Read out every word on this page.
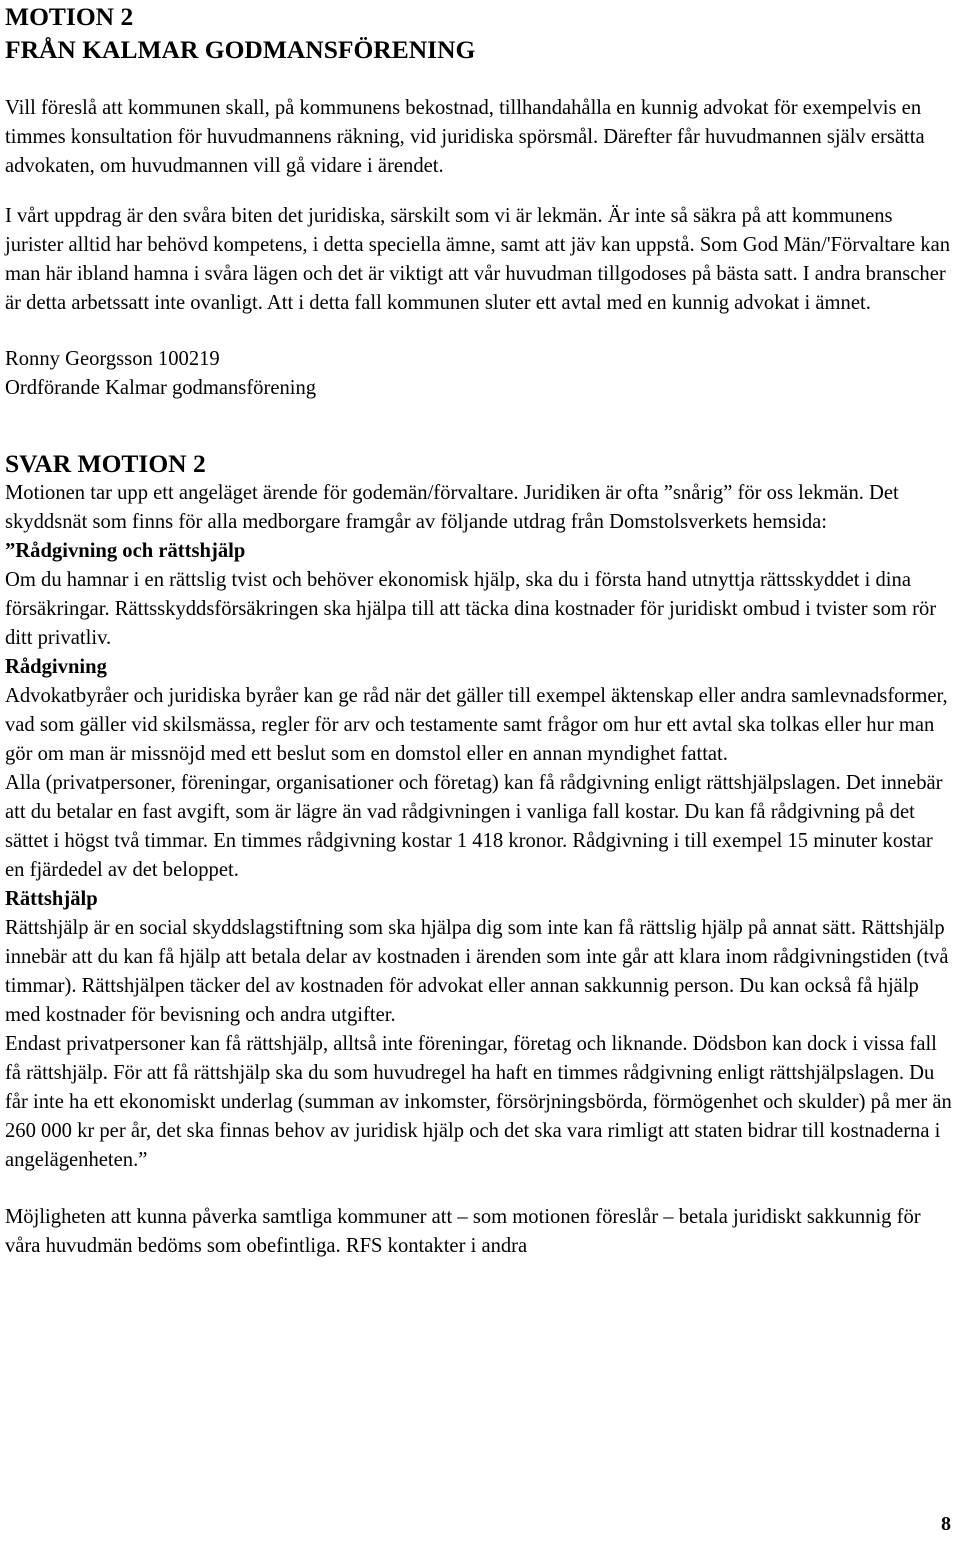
MOTION 2

FRÅN KALMAR GODMANSFÖRENING

Vill föreslå att kommunen skall, på kommunens bekostnad, tillhandahålla en kunnig advokat för exempelvis en timmes konsultation för huvudmannens räkning, vid juridiska spörsmål. Därefter får huvudmannen själv ersätta advokaten, om huvudmannen vill gå vidare i ärendet.

I vårt uppdrag är den svåra biten det juridiska, särskilt som vi är lekmän. Är inte så säkra på att kommunens jurister alltid har behövd kompetens, i detta speciella ämne, samt att jäv kan uppstå. Som God Män/'Förvaltare kan man här ibland hamna i svåra lägen och det är viktigt att vår huvudman tillgodoses på bästa satt. I andra branscher är detta arbetssatt inte ovanligt. Att i detta fall kommunen sluter ett avtal med en kunnig advokat i ämnet.

Ronny Georgsson 100219

Ordförande Kalmar godmansförening

SVAR MOTION 2

Motionen tar upp ett angeläget ärende för godemän/förvaltare. Juridiken är ofta ”snårig” för oss lekmän. Det skyddsnät som finns för alla medborgare framgår av följande utdrag från Domstolsverkets hemsida:

”Rådgivning och rättshjälp

Om du hamnar i en rättslig tvist och behöver ekonomisk hjälp, ska du i första hand utnyttja rättsskyddet i dina försäkringar. Rättsskyddsförsäkringen ska hjälpa till att täcka dina kostnader för juridiskt ombud i tvister som rör ditt privatliv.

Rådgivning

Advokatbyråer och juridiska byråer kan ge råd när det gäller till exempel äktenskap eller andra samlevnadsformer, vad som gäller vid skilsmässa, regler för arv och testamente samt frågor om hur ett avtal ska tolkas eller hur man gör om man är missnöjd med ett beslut som en domstol eller en annan myndighet fattat.

Alla (privatpersoner, föreningar, organisationer och företag) kan få rådgivning enligt rättshjälpslagen. Det innebär att du betalar en fast avgift, som är lägre än vad rådgivningen i vanliga fall kostar. Du kan få rådgivning på det sättet i högst två timmar. En timmes rådgivning kostar 1 418 kronor. Rådgivning i till exempel 15 minuter kostar en fjärdedel av det beloppet.

Rättshjälp

Rättshjälp är en social skyddslagstiftning som ska hjälpa dig som inte kan få rättslig hjälp på annat sätt. Rättshjälp innebär att du kan få hjälp att betala delar av kostnaden i ärenden som inte går att klara inom rådgivningstiden (två timmar). Rättshjälpen täcker del av kostnaden för advokat eller annan sakkunnig person. Du kan också få hjälp med kostnader för bevisning och andra utgifter.

Endast privatpersoner kan få rättshjälp, alltså inte föreningar, företag och liknande. Dödsbon kan dock i vissa fall få rättshjälp. För att få rättshjälp ska du som huvudregel ha haft en timmes rådgivning enligt rättshjälpslagen. Du får inte ha ett ekonomiskt underlag (summan av inkomster, försörjningsbörda, förmögenhet och skulder) på mer än 260 000 kr per år, det ska finnas behov av juridisk hjälp och det ska vara rimligt att staten bidrar till kostnaderna i angelägenheten.”

Möjligheten att kunna påverka samtliga kommuner att – som motionen föreslår – betala juridiskt sakkunnig för våra huvudmän bedöms som obefintliga. RFS kontakter i andra

8
